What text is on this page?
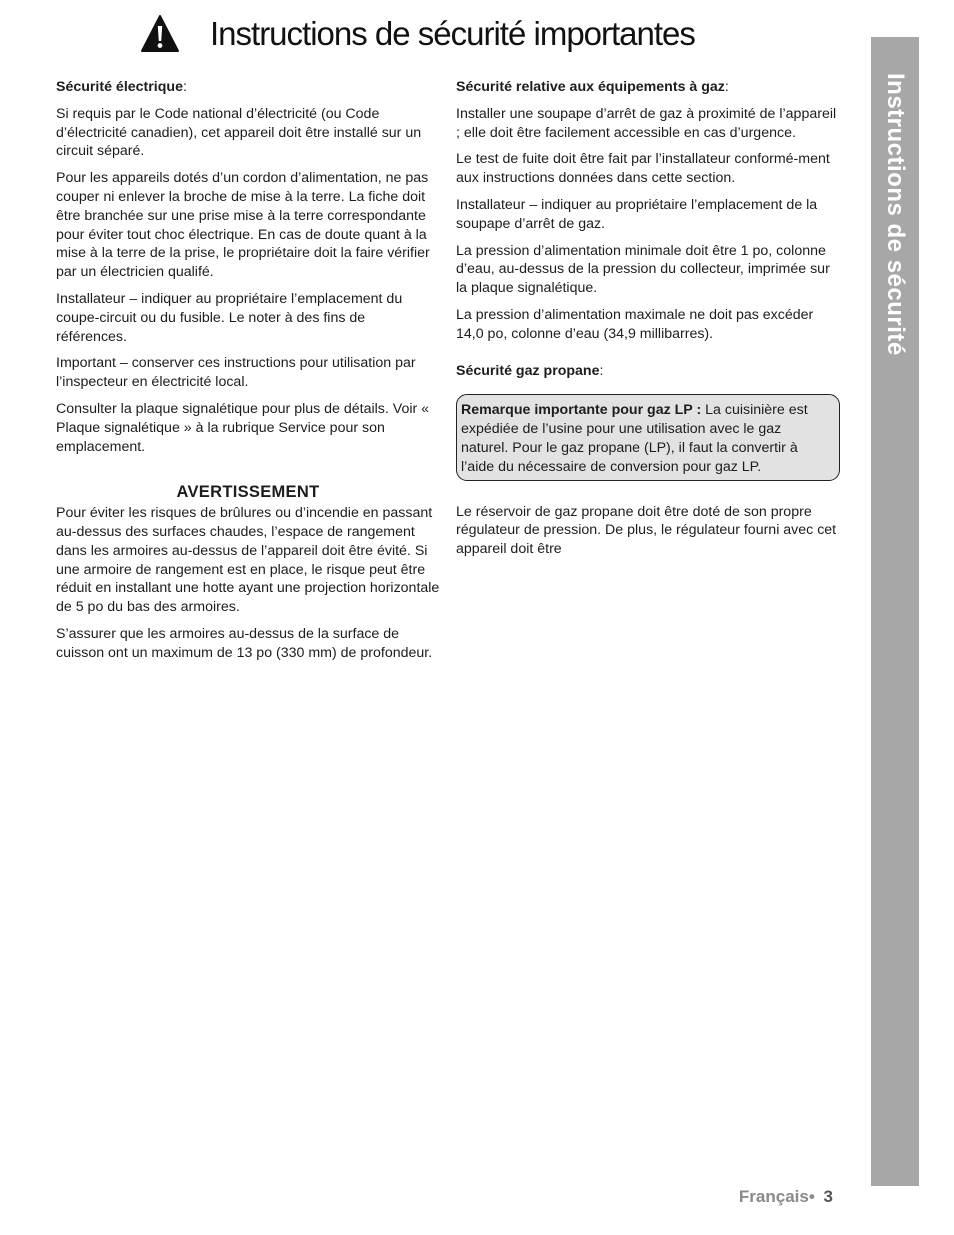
Instructions de sécurité importantes
Instructions de sécurité
Sécurité électrique:

Si requis par le Code national d’électricité (ou Code d’électricité canadien), cet appareil doit être installé sur un circuit séparé.

Pour les appareils dotés d’un cordon d’alimentation, ne pas couper ni enlever la broche de mise à la terre. La fiche doit être branchée sur une prise mise à la terre correspondante pour éviter tout choc électrique. En cas de doute quant à la mise à la terre de la prise, le propriétaire doit la faire vérifier par un électricien qualifé.

Installateur – indiquer au propriétaire l’emplacement du coupe-circuit ou du fusible. Le noter à des fins de références.

Important – conserver ces instructions pour utilisation par l’inspecteur en électricité local.

Consulter la plaque signalétique pour plus de détails. Voir « Plaque signalétique » à la rubrique Service pour son emplacement.

AVERTISSEMENT

Pour éviter les risques de brûlures ou d’incendie en passant au-dessus des surfaces chaudes, l’espace de rangement dans les armoires au-dessus de l’appareil doit être évité. Si une armoire de rangement est en place, le risque peut être réduit en installant une hotte ayant une projection horizontale de 5 po du bas des armoires.

S’assurer que les armoires au-dessus de la surface de cuisson ont un maximum de 13 po (330 mm) de profondeur.

Sécurité relative aux équipements à gaz:

Installer une soupape d’arrêt de gaz à proximité de l’appareil ; elle doit être facilement accessible en cas d’urgence.

Le test de fuite doit être fait par l’installateur conformé-ment aux instructions données dans cette section.

Installateur – indiquer au propriétaire l’emplacement de la soupape d’arrêt de gaz.

La pression d’alimentation minimale doit être 1 po, colonne d’eau, au-dessus de la pression du collecteur, imprimée sur la plaque signalétique.

La pression d’alimentation maximale ne doit pas excéder 14,0 po, colonne d’eau (34,9 millibarres).

Sécurité gaz propane:
Remarque importante pour gaz LP : La cuisinière est expédiée de l’usine pour une utilisation avec le gaz naturel. Pour le gaz propane (LP), il faut la convertir à l’aide du nécessaire de conversion pour gaz LP.

Le réservoir de gaz propane doit être doté de son propre régulateur de pression. De plus, le régulateur fourni avec cet appareil doit être

Français• 3
